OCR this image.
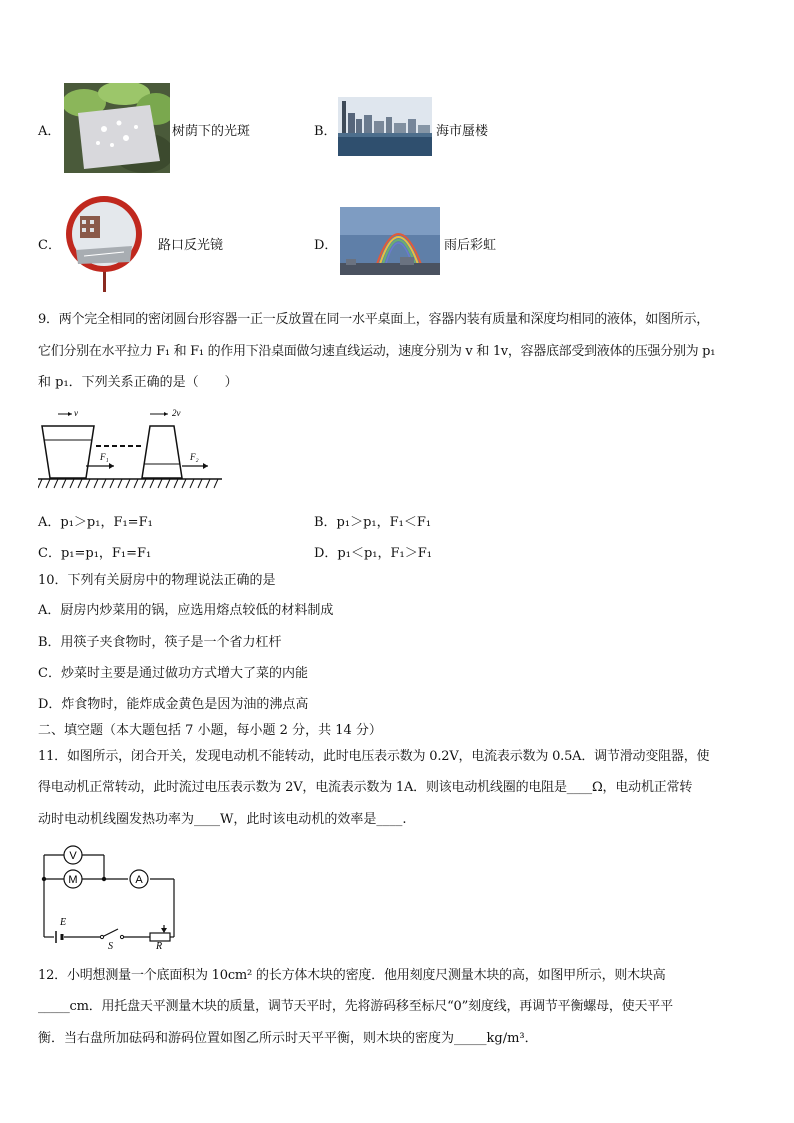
A．	树荫下的光斑	B．	海市蜃楼
C．	路口反光镜	D．	雨后彩虹
9．两个完全相同的密闭圆台形容器一正一反放置在同一水平桌面上，容器内装有质量和深度均相同的液体，如图所示，
它们分别在水平拉力 F₁ 和 F₁ 的作用下沿桌面做匀速直线运动，速度分别为 v 和 1v，容器底部受到液体的压强分别为 p₁
和 p₁．下列关系正确的是（　　）
v	2v
F₁	F₂
A．p₁＞p₁，F₁=F₁	B．p₁＞p₁，F₁＜F₁
C．p₁=p₁，F₁=F₁	D．p₁＜p₁，F₁＞F₁
10．下列有关厨房中的物理说法正确的是
A．厨房内炒菜用的锅，应选用熔点较低的材料制成
B．用筷子夹食物时，筷子是一个省力杠杆
C．炒菜时主要是通过做功方式增大了菜的内能
D．炸食物时，能炸成金黄色是因为油的沸点高
二、填空题（本大题包括 7 小题，每小题 2 分，共 14 分）
11．如图所示，闭合开关，发现电动机不能转动，此时电压表示数为 0.2V，电流表示数为 0.5A．调节滑动变阻器，使
得电动机正常转动，此时流过电压表示数为 2V，电流表示数为 1A．则该电动机线圈的电阻是____Ω，电动机正常转
动时电动机线圈发热功率为____W，此时该电动机的效率是____.
V
M	A
E
S	R
12．小明想测量一个底面积为 10cm² 的长方体木块的密度．他用刻度尺测量木块的高，如图甲所示，则木块高
_____cm．用托盘天平测量木块的质量，调节天平时，先将游码移至标尺“0”刻度线，再调节平衡螺母，使天平平
衡．当右盘所加砝码和游码位置如图乙所示时天平平衡，则木块的密度为_____kg/m³．
